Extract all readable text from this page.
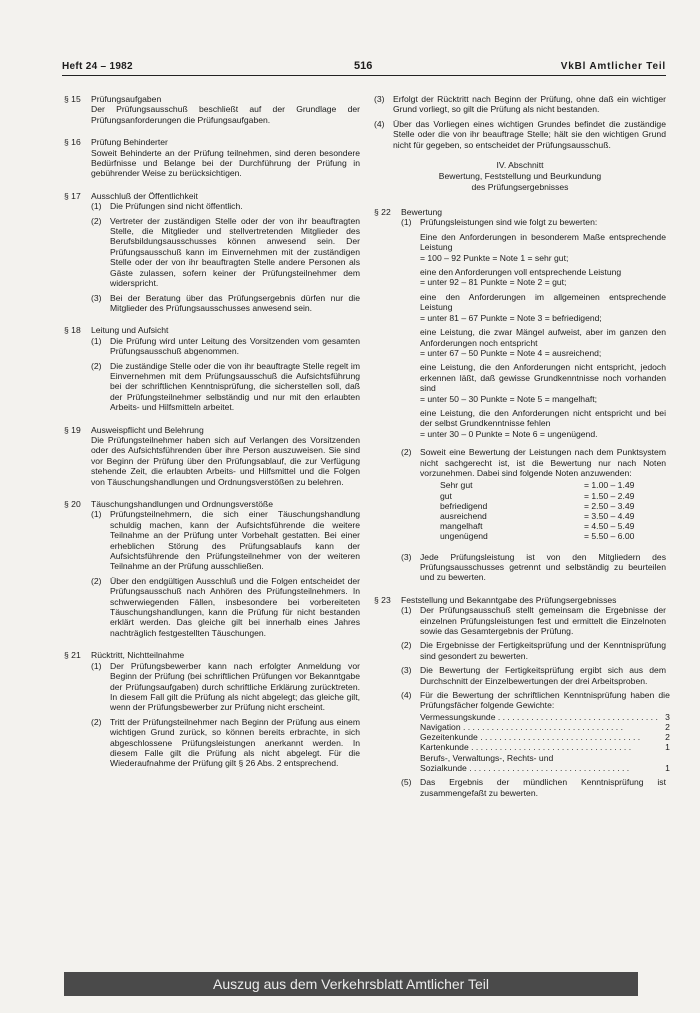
Heft 24 – 1982	516	VkBl Amtlicher Teil
§ 15	Prüfungsaufgaben
Der Prüfungsausschuß beschließt auf der Grundlage der Prüfungsanforderungen die Prüfungsaufgaben.
§ 16	Prüfung Behinderter
Soweit Behinderte an der Prüfung teilnehmen, sind deren besondere Bedürfnisse und Belange bei der Durchführung der Prüfung in gebührender Weise zu berücksichtigen.
§ 17	Ausschluß der Öffentlichkeit
(1) Die Prüfungen sind nicht öffentlich.
(2) Vertreter der zuständigen Stelle oder der von ihr beauftragten Stelle, die Mitglieder und stellvertretenden Mitglieder des Berufsbildungsausschusses können anwesend sein. Der Prüfungsausschuß kann im Einvernehmen mit der zuständigen Stelle oder der von ihr beauftragten Stelle andere Personen als Gäste zulassen, sofern keiner der Prüfungsteilnehmer dem widerspricht.
(3) Bei der Beratung über das Prüfungsergebnis dürfen nur die Mitglieder des Prüfungsausschusses anwesend sein.
§ 18	Leitung und Aufsicht
(1) Die Prüfung wird unter Leitung des Vorsitzenden vom gesamten Prüfungsausschuß abgenommen.
(2) Die zuständige Stelle oder die von ihr beauftragte Stelle regelt im Einvernehmen mit dem Prüfungsausschuß die Aufsichtsführung bei der schriftlichen Kenntnisprüfung, die sicherstellen soll, daß der Prüfungsteilnehmer selbständig und nur mit den erlaubten Arbeits- und Hilfsmitteln arbeitet.
§ 19	Ausweispflicht und Belehrung
Die Prüfungsteilnehmer haben sich auf Verlangen des Vorsitzenden oder des Aufsichtsführenden über ihre Person auszuweisen. Sie sind vor Beginn der Prüfung über den Prüfungsablauf, die zur Verfügung stehende Zeit, die erlaubten Arbeits- und Hilfsmittel und die Folgen von Täuschungshandlungen und Ordnungsverstößen zu belehren.
§ 20	Täuschungshandlungen und Ordnungsverstöße
(1) Prüfungsteilnehmern, die sich einer Täuschungshandlung schuldig machen, kann der Aufsichtsführende die weitere Teilnahme an der Prüfung unter Vorbehalt gestatten. Bei einer erheblichen Störung des Prüfungsablaufs kann der Aufsichtsführende den Prüfungsteilnehmer von der weiteren Teilnahme an der Prüfung ausschließen.
(2) Über den endgültigen Ausschluß und die Folgen entscheidet der Prüfungsausschuß nach Anhören des Prüfungsteilnehmers. In schwerwiegenden Fällen, insbesondere bei vorbereiteten Täuschungshandlungen, kann die Prüfung für nicht bestanden erklärt werden. Das gleiche gilt bei innerhalb eines Jahres nachträglich festgestellten Täuschungen.
§ 21	Rücktritt, Nichtteilnahme
(1) Der Prüfungsbewerber kann nach erfolgter Anmeldung vor Beginn der Prüfung (bei schriftlichen Prüfungen vor Bekanntgabe der Prüfungsaufgaben) durch schriftliche Erklärung zurücktreten. In diesem Fall gilt die Prüfung als nicht abgelegt; das gleiche gilt, wenn der Prüfungsbewerber zur Prüfung nicht erscheint.
(2) Tritt der Prüfungsteilnehmer nach Beginn der Prüfung aus einem wichtigen Grund zurück, so können bereits erbrachte, in sich abgeschlossene Prüfungsleistungen anerkannt werden. In diesem Falle gilt die Prüfung als nicht abgelegt. Für die Wiederaufnahme der Prüfung gilt § 26 Abs. 2 entsprechend.
(3) Erfolgt der Rücktritt nach Beginn der Prüfung, ohne daß ein wichtiger Grund vorliegt, so gilt die Prüfung als nicht bestanden.
(4) Über das Vorliegen eines wichtigen Grundes befindet die zuständige Stelle oder die von ihr beauftrage Stelle; hält sie den wichtigen Grund nicht für gegeben, so entscheidet der Prüfungsausschuß.
IV. Abschnitt
Bewertung, Feststellung und Beurkundung
des Prüfungsergebnisses
§ 22	Bewertung
(1) Prüfungsleistungen sind wie folgt zu bewerten:
Eine den Anforderungen in besonderem Maße entsprechende Leistung
= 100 – 92 Punkte = Note 1 = sehr gut;
eine den Anforderungen voll entsprechende Leistung
= unter 92 – 81 Punkte = Note 2 = gut;
eine den Anforderungen im allgemeinen entsprechende Leistung
= unter 81 – 67 Punkte = Note 3 = befriedigend;
eine Leistung, die zwar Mängel aufweist, aber im ganzen den Anforderungen noch entspricht
= unter 67 – 50 Punkte = Note 4 = ausreichend;
eine Leistung, die den Anforderungen nicht entspricht, jedoch erkennen läßt, daß gewisse Grundkenntnisse noch vorhanden sind
= unter 50 – 30 Punkte = Note 5 = mangelhaft;
eine Leistung, die den Anforderungen nicht entspricht und bei der selbst Grundkenntnisse fehlen
= unter 30 – 0 Punkte = Note 6 = ungenügend.
(2) Soweit eine Bewertung der Leistungen nach dem Punktsystem nicht sachgerecht ist, ist die Bewertung nur nach Noten vorzunehmen. Dabei sind folgende Noten anzuwenden:
Sehr gut	= 1.00 – 1.49
gut	= 1.50 – 2.49
befriedigend	= 2.50 – 3.49
ausreichend	= 3.50 – 4.49
mangelhaft	= 4.50 – 5.49
ungenügend	= 5.50 – 6.00
(3) Jede Prüfungsleistung ist von den Mitgliedern des Prüfungsausschusses getrennt und selbständig zu beurteilen und zu bewerten.
§ 23	Feststellung und Bekanntgabe des Prüfungsergebnisses
(1) Der Prüfungsausschuß stellt gemeinsam die Ergebnisse der einzelnen Prüfungsleistungen fest und ermittelt die Einzelnoten sowie das Gesamtergebnis der Prüfung.
(2) Die Ergebnisse der Fertigkeitsprüfung und der Kenntnisprüfung sind gesondert zu bewerten.
(3) Die Bewertung der Fertigkeitsprüfung ergibt sich aus dem Durchschnitt der Einzelbewertungen der drei Arbeitsproben.
(4) Für die Bewertung der schriftlichen Kenntnisprüfung haben die Prüfungsfächer folgende Gewichte:
Vermessungskunde . . . . . . . . . . . . . . . . . . . . . . . . . . . . . . . . . . 3
Navigation . . . . . . . . . . . . . . . . . . . . . . . . . . . . . . . . . .	2
Gezeitenkunde . . . . . . . . . . . . . . . . . . . . . . . . . . . . . . . . . .	2
Kartenkunde . . . . . . . . . . . . . . . . . . . . . . . . . . . . . . . . . .	1
Berufs-, Verwaltungs-, Rechts- und
Sozialkunde . . . . . . . . . . . . . . . . . . . . . . . . . . . . . . . . . .	1
(5) Das Ergebnis der mündlichen Kenntnisprüfung ist zusammengefaßt zu bewerten.
Auszug aus dem Verkehrsblatt Amtlicher Teil
